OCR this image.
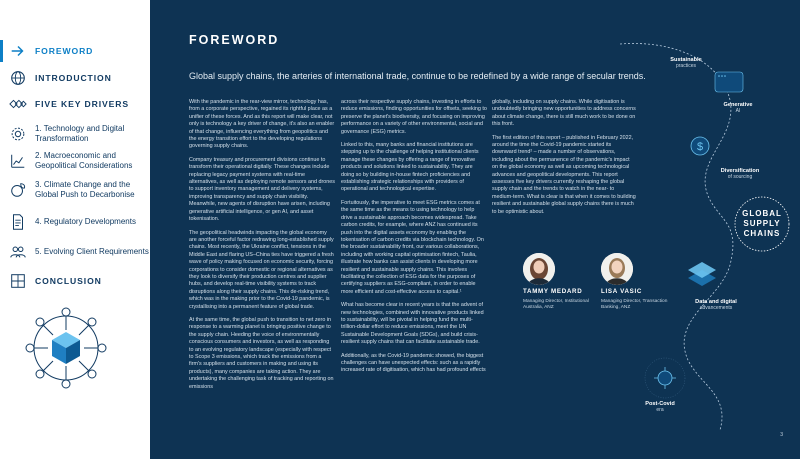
FOREWORD
INTRODUCTION
FIVE KEY DRIVERS
1. Technology and Digital Transformation
2. Macroeconomic and Geopolitical Considerations
3. Climate Change and the Global Push to Decarbonise
4. Regulatory Developments
5. Evolving Client Requirements
CONCLUSION
FOREWORD

Global supply chains, the arteries of international trade, continue to be redefined by a wide range of secular trends.

With the pandemic in the rear-view mirror, technology has, from a corporate perspective, regained its rightful place as a unifier of these forces. And as this report will make clear, not only is technology a key driver of change, it's also an enabler of that change, influencing everything from geopolitics and the energy transition effort to the developing regulations governing supply chains.

Company treasury and procurement divisions continue to transform their operational digitally. These changes include replacing legacy payment systems with real-time alternatives, as well as deploying remote sensors and drones to support inventory management and delivery systems, improving transparency and supply chain visibility. Meanwhile, new agents of disruption have arisen, including generative artificial intelligence, or gen AI, and asset tokenisation.

The geopolitical headwinds impacting the global economy are another forceful factor redrawing long-established supply chains. Most recently, the Ukraine conflict, tensions in the Middle East and flaring US–China ties have triggered a fresh wave of policy making focused on economic security, forcing corporations to consider domestic or regional alternatives as they look to diversify their production centres and supplier hubs, and develop real-time visibility systems to track disruptions along their supply chains. This de-risking trend, which was in the making prior to the Covid-19 pandemic, is crystallising into a permanent feature of global trade.

At the same time, the global push to transition to net zero in response to a warming planet is bringing positive change to the supply chain. Heeding the voice of environmentally conscious consumers and investors, as well as responding to an evolving regulatory landscape (especially with respect to Scope 3 emissions, which track the emissions from a firm's suppliers and customers in making and using its products), many companies are taking action. They are undertaking the challenging task of tracking and reporting on emissions

across their respective supply chains, investing in efforts to reduce emissions, finding opportunities for offsets, seeking to preserve the planet's biodiversity, and focusing on improving performance on a variety of other environmental, social and governance (ESG) metrics.

Linked to this, many banks and financial institutions are stepping up to the challenge of helping institutional clients manage these changes by offering a range of innovative products and solutions linked to sustainability. They are doing so by building in-house fintech proficiencies and establishing strategic relationships with providers of operational and technological expertise.

Fortuitously, the imperative to meet ESG metrics comes at the same time as the means to using technology to help drive a sustainable approach becomes widespread. Take carbon credits, for example, where ANZ has continued its push into the digital assets economy by enabling the tokenisation of carbon credits via blockchain technology. On the broader sustainability front, our various collaborations, including with working capital optimisation fintech, Taulia, illustrate how banks can assist clients in developing more resilient and sustainable supply chains. This involves facilitating the collection of ESG data for the purposes of certifying suppliers as ESG-compliant, in order to enable more efficient and cost-effective access to capital.¹

What has become clear in recent years is that the advent of new technologies, combined with innovative products linked to sustainability, will be pivotal in helping fund the multi-trillion-dollar effort to reduce emissions, meet the UN Sustainable Development Goals (SDGs), and build crisis-resilient supply chains that can facilitate sustainable trade.

Additionally, as the Covid-19 pandemic showed, the biggest challenges can have unexpected effects: such as a rapidly increased rate of digitisation, which has had profound effects

globally, including on supply chains. While digitisation is undoubtedly bringing new opportunities to address concerns about climate change, there is still much work to be done on this front.

The first edition of this report – published in February 2022, around the time the Covid-19 pandemic started its downward trend² – made a number of observations, including about the permanence of the pandemic's impact on the global economy as well as upcoming technological advances and geopolitical developments. This report assesses five key drivers currently reshaping the global supply chain and the trends to watch in the near- to medium-term. What is clear is that when it comes to building resilient and sustainable global supply chains there is much to be optimistic about.

TAMMY MEDARD
Managing Director, Institutional Australia, ANZ
LISA VASIC
Managing Director, Transaction Banking, ANZ
Sustainable
practices
Generative
AI
$
Diversification
of sourcing
GLOBAL
SUPPLY
CHAINS
Data and digital
advancements
Post-Covid
era
3
